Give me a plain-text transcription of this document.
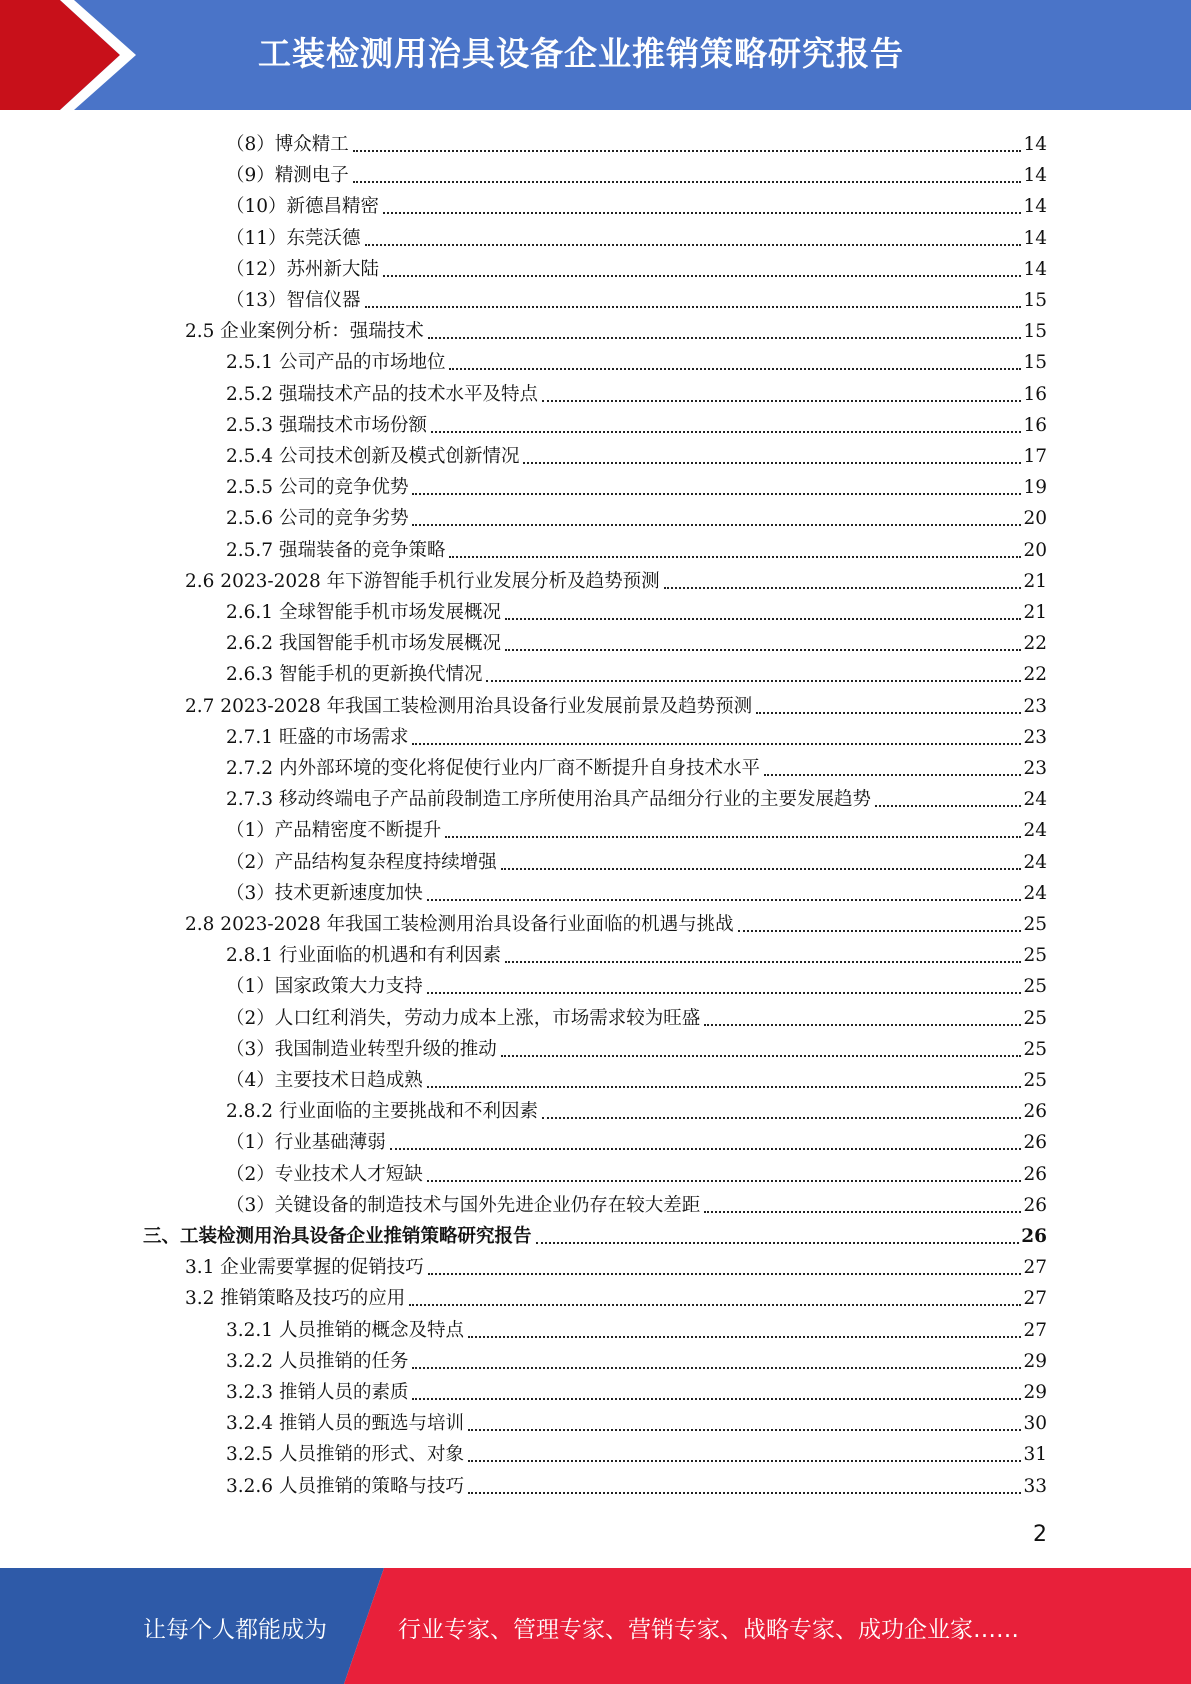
工装检测用治具设备企业推销策略研究报告
（8）博众精工	14
（9）精测电子	14
（10）新德昌精密	14
（11）东莞沃德	14
（12）苏州新大陆	14
（13）智信仪器	15
2.5 企业案例分析：强瑞技术	15
2.5.1 公司产品的市场地位	15
2.5.2 强瑞技术产品的技术水平及特点	16
2.5.3 强瑞技术市场份额	16
2.5.4 公司技术创新及模式创新情况	17
2.5.5 公司的竞争优势	19
2.5.6 公司的竞争劣势	20
2.5.7 强瑞装备的竞争策略	20
2.6 2023-2028 年下游智能手机行业发展分析及趋势预测	21
2.6.1 全球智能手机市场发展概况	21
2.6.2 我国智能手机市场发展概况	22
2.6.3 智能手机的更新换代情况	22
2.7 2023-2028 年我国工装检测用治具设备行业发展前景及趋势预测	23
2.7.1 旺盛的市场需求	23
2.7.2 内外部环境的变化将促使行业内厂商不断提升自身技术水平	23
2.7.3 移动终端电子产品前段制造工序所使用治具产品细分行业的主要发展趋势	24
（1）产品精密度不断提升	24
（2）产品结构复杂程度持续增强	24
（3）技术更新速度加快	24
2.8 2023-2028 年我国工装检测用治具设备行业面临的机遇与挑战	25
2.8.1 行业面临的机遇和有利因素	25
（1）国家政策大力支持	25
（2）人口红利消失，劳动力成本上涨，市场需求较为旺盛	25
（3）我国制造业转型升级的推动	25
（4）主要技术日趋成熟	25
2.8.2 行业面临的主要挑战和不利因素	26
（1）行业基础薄弱	26
（2）专业技术人才短缺	26
（3）关键设备的制造技术与国外先进企业仍存在较大差距	26
三、工装检测用治具设备企业推销策略研究报告	26
3.1 企业需要掌握的促销技巧	27
3.2 推销策略及技巧的应用	27
3.2.1 人员推销的概念及特点	27
3.2.2 人员推销的任务	29
3.2.3 推销人员的素质	29
3.2.4 推销人员的甄选与培训	30
3.2.5 人员推销的形式、对象	31
3.2.6 人员推销的策略与技巧	33
2
让每个人都能成为	行业专家、管理专家、营销专家、战略专家、成功企业家……
